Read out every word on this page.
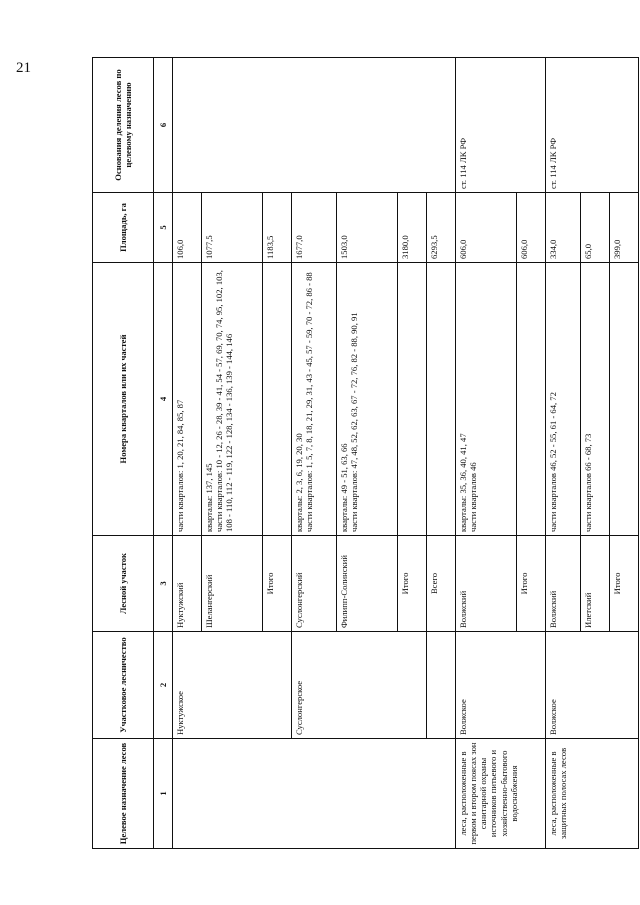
21
Целевое назначение лесов	Участковое лесничество	Лесной участок	Номера кварталов или их частей	Площадь, га	Основания деления лесов по целевому назначению
1	2	3	4	5	6
	Нуктужское	Нуктужский	части кварталов: 1, 20, 21, 84, 85, 87	106,0	
		Шеланrерский	кварталы: 137, 145
части кварталов: 10 - 12, 26 - 28, 39 - 41, 54 - 57, 69, 70, 74, 95, 102, 103, 108 - 110, 112 - 119, 122 - 128, 134 - 136, 139 - 144, 146	1077,5	
		Итого		1183,5	
	Суслонгерское	Суслонгерский	кварталы: 2, 3, 6, 19, 20, 30
части кварталов: 1, 5, 7, 8, 18, 21, 29, 31, 43 - 45, 57 - 59, 70 - 72, 86 - 88	1677,0	
		Филипп-Солинский	кварталы: 49 - 51, 63, 66
части кварталов: 47, 48, 52, 62, 63, 67 - 72, 76, 82 - 88, 90, 91	1503,0	
		Итого		3180,0	
		Всего		6293,5	
леса, расположенные в первом и втором поясах зон санитарной охраны источников питьевого и хозяйственно-бытового водоснабжения	Волжское	Волжский	кварталы: 35, 36, 40, 41, 47
части кварталов 46	606,0	ст. 114 ЛК РФ
		Итого		606,0	
леса, расположенные в защитных полосах лесов	Волжское	Волжский	части кварталов 46, 52 - 55, 61 - 64, 72	334,0	ст. 114 ЛК РФ
		Илетский	части кварталов 66 - 68, 73	65,0	
		Итого		399,0	
